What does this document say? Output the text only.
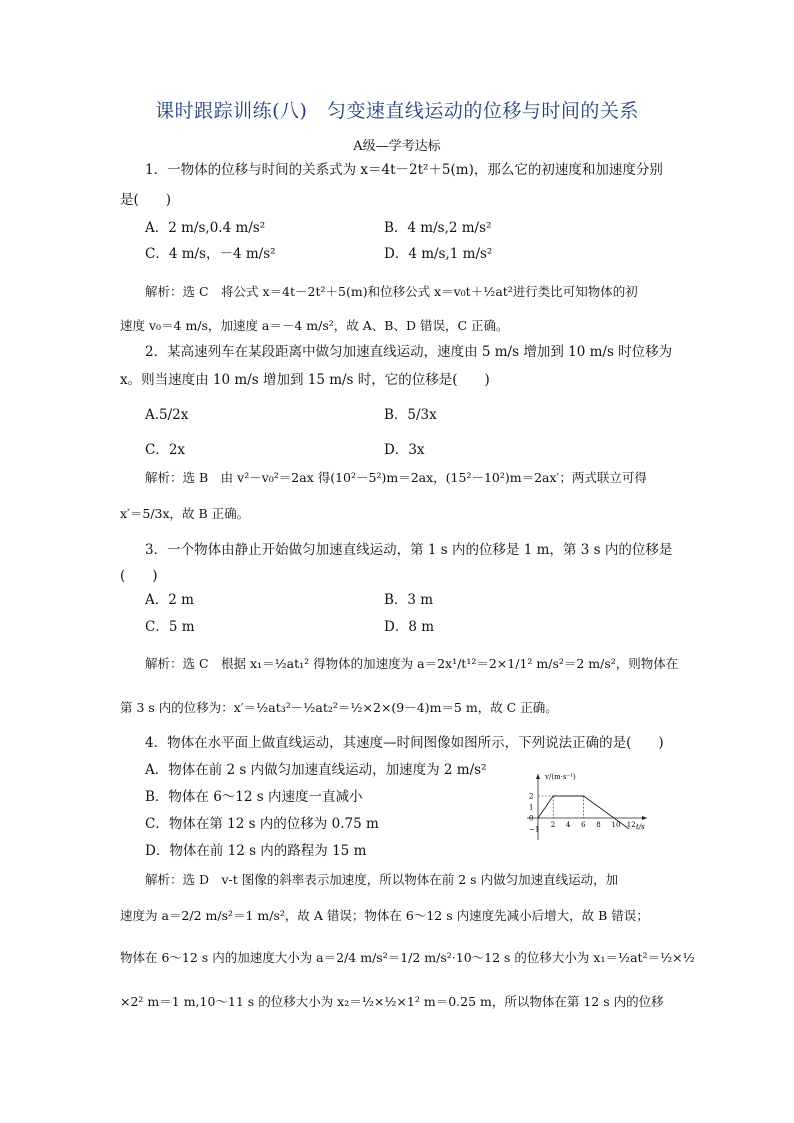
课时跟踪训练(八)　匀变速直线运动的位移与时间的关系
A级—学考达标
1．一物体的位移与时间的关系式为 x＝4t－2t²＋5(m)，那么它的初速度和加速度分别
是(　　)
A．2 m/s,0.4 m/s²	B．4 m/s,2 m/s²
C．4 m/s，－4 m/s²	D．4 m/s,1 m/s²
解析：选 C　将公式 x＝4t－2t²＋5(m)和位移公式 x＝v₀t＋½at²进行类比可知物体的初
速度 v₀＝4 m/s，加速度 a＝－4 m/s²，故 A、B、D 错误，C 正确。
2．某高速列车在某段距离中做匀加速直线运动，速度由 5 m/s 增加到 10 m/s 时位移为
x。则当速度由 10 m/s 增加到 15 m/s 时，它的位移是(　　)
A.5/2x	B．5/3x
C．2x	D．3x
解析：选 B　由 v²－v₀²＝2ax 得(10²－5²)m＝2ax，(15²－10²)m＝2ax′；两式联立可得
x′＝5/3x，故 B 正确。
3．一个物体由静止开始做匀加速直线运动，第 1 s 内的位移是 1 m，第 3 s 内的位移是
(　　)
A．2 m	B．3 m
C．5 m	D．8 m
解析：选 C　根据 x₁＝½at₁² 得物体的加速度为 a＝2x¹/t¹²＝2×1/1² m/s²＝2 m/s²，则物体在
第 3 s 内的位移为：x′＝½at₃²－½at₂²＝½×2×(9－4)m＝5 m，故 C 正确。
4．物体在水平面上做直线运动，其速度—时间图像如图所示，下列说法正确的是(　　)
A．物体在前 2 s 内做匀加速直线运动，加速度为 2 m/s²
B．物体在 6～12 s 内速度一直减小
C．物体在第 12 s 内的位移为 0.75 m
D．物体在前 12 s 内的路程为 15 m
v/(m·s⁻¹)
t/s
2
1
0
−1
2 4 6 8 10 12
解析：选 D　v-t 图像的斜率表示加速度，所以物体在前 2 s 内做匀加速直线运动，加
速度为 a＝2/2 m/s²＝1 m/s²，故 A 错误；物体在 6～12 s 内速度先减小后增大，故 B 错误；
物体在 6～12 s 内的加速度大小为 a＝2/4 m/s²＝1/2 m/s²·10～12 s 的位移大小为 x₁＝½at²＝½×½
×2² m＝1 m,10～11 s 的位移大小为 x₂＝½×½×1² m＝0.25 m，所以物体在第 12 s 内的位移
